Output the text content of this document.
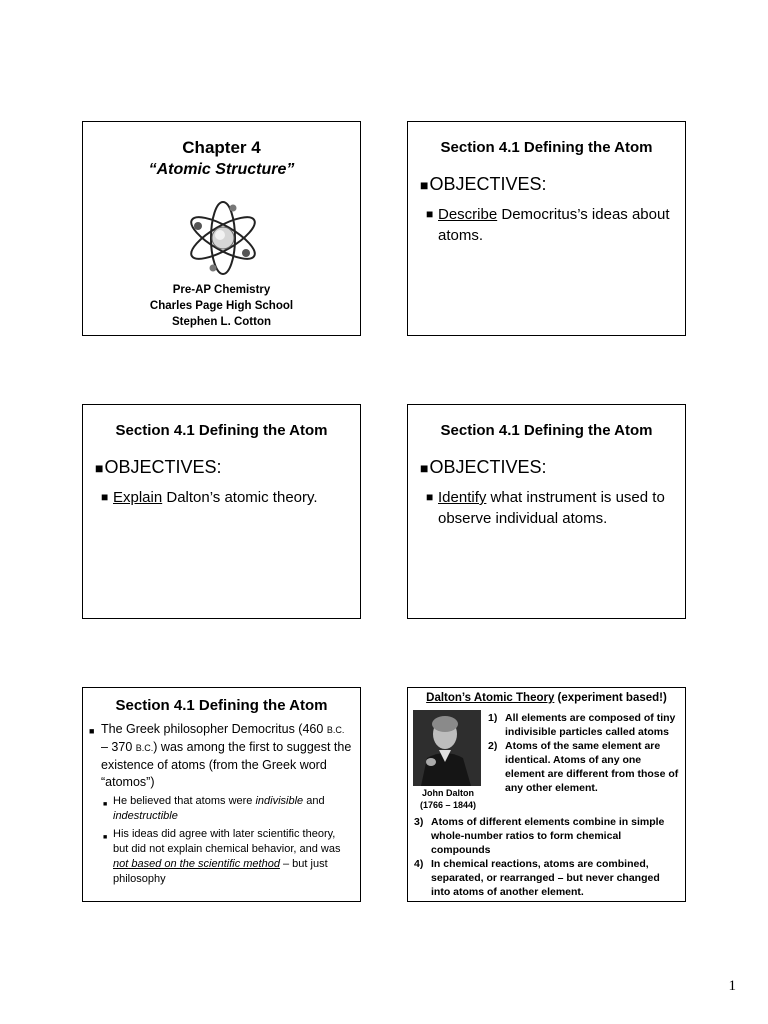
Chapter 4
“Atomic Structure”
Pre-AP Chemistry
Charles Page High School
Stephen L. Cotton
Section 4.1 Defining the Atom
■OBJECTIVES:
■ Describe Democritus’s ideas about atoms.
Section 4.1 Defining the Atom
■OBJECTIVES:
■ Explain Dalton’s atomic theory.
Section 4.1 Defining the Atom
■OBJECTIVES:
■ Identify what instrument is used to observe individual atoms.
Section 4.1 Defining the Atom
■ The Greek philosopher Democritus (460 B.C. – 370 B.C.) was among the first to suggest the existence of atoms (from the Greek word “atomos”)
■ He believed that atoms were indivisible and indestructible
■ His ideas did agree with later scientific theory, but did not explain chemical behavior, and was not based on the scientific method – but just philosophy
Dalton’s Atomic Theory (experiment based!)
John Dalton
(1766 – 1844)
1) All elements are composed of tiny indivisible particles called atoms
2) Atoms of the same element are identical. Atoms of any one element are different from those of any other element.
3) Atoms of different elements combine in simple whole-number ratios to form chemical compounds
4) In chemical reactions, atoms are combined, separated, or rearranged – but never changed into atoms of another element.
1
